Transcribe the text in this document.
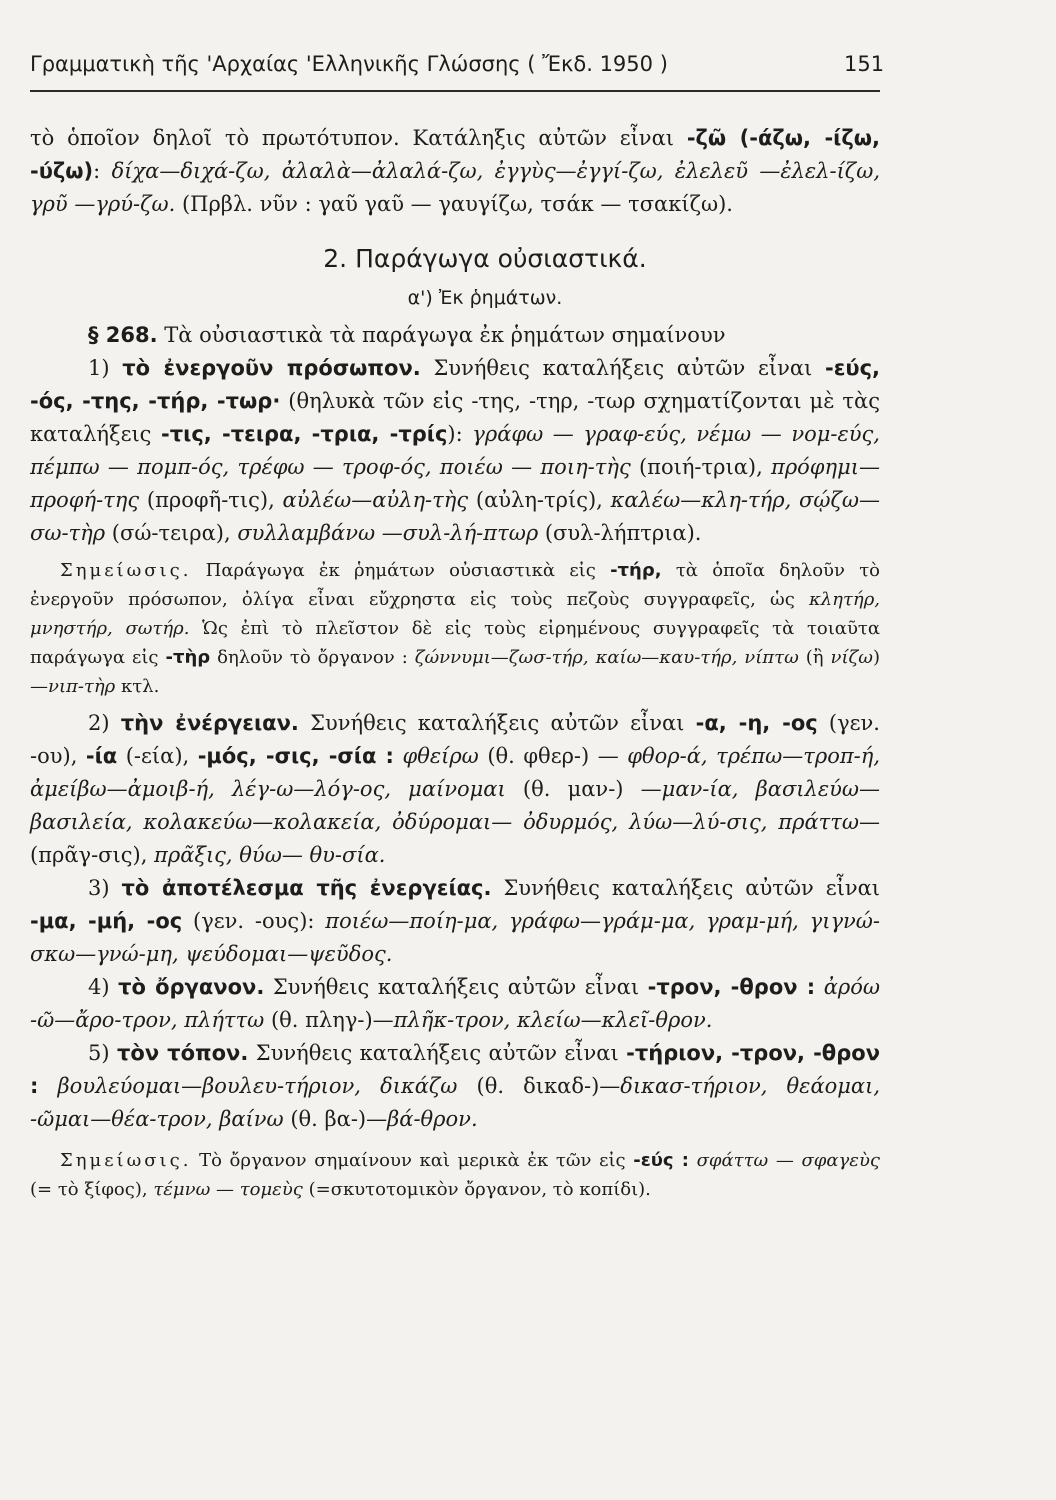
Γραμματικὴ τῆς 'Αρχαίας 'Ελληνικῆς Γλώσσης ( Ἔκδ. 1950 )	151

τὸ ὁποῖον δηλοῖ τὸ πρωτότυπον. Κατάληξις αὐτῶν εἶναι -ζῶ (-άζω, -ίζω, -ύζω): δίχα—διχά-ζω, ἀλαλὰ—ἀλαλά-ζω, ἐγγὺς—ἐγγί-ζω, ἐλελεῦ —ἐλελ-ίζω, γρῦ —γρύ-ζω. (Πρβλ. νῦν : γαῦ γαῦ — γαυγίζω, τσάκ — τσακίζω).

2. Παράγωγα οὐσιαστικά.
α') Ἐκ ῥημάτων.

§ 268. Τὰ οὐσιαστικὰ τὰ παράγωγα ἐκ ῥημάτων σημαίνουν

1) τὸ ἐνεργοῦν πρόσωπον. Συνήθεις καταλήξεις αὐτῶν εἶναι -εύς, -ός, -της, -τήρ, -τωρ· (θηλυκὰ τῶν εἰς -της, -τηρ, -τωρ σχηματίζονται μὲ τὰς καταλήξεις -τις, -τειρα, -τρια, -τρίς): γράφω — γραφ-εύς, νέμω — νομ-εύς, πέμπω — πομπ-ός, τρέφω — τροφ-ός, ποιέω — ποιη-τὴς (ποιή-τρια), πρόφημι—προφή-της (προφῆ-τις), αὐλέω—αὐλη-τὴς (αὐλη-τρίς), καλέω—κλη-τήρ, σῴζω—σω-τὴρ (σώ-τειρα), συλλαμβάνω —συλ-λή-πτωρ (συλ-λήπτρια).

Σημείωσις. Παράγωγα ἐκ ῥημάτων οὐσιαστικὰ εἰς -τήρ, τὰ ὁποῖα δηλοῦν τὸ ἐνεργοῦν πρόσωπον, ὀλίγα εἶναι εὔχρηστα εἰς τοὺς πεζοὺς συγγραφεῖς, ὡς κλητήρ, μνηστήρ, σωτήρ. Ὡς ἐπὶ τὸ πλεῖστον δὲ εἰς τοὺς εἰρημένους συγγραφεῖς τὰ τοιαῦτα παράγωγα εἰς -τὴρ δηλοῦν τὸ ὄργανον : ζώννυμι—ζωσ-τήρ, καίω—καυ-τήρ, νίπτω (ἢ νίζω)—νιπ-τὴρ κτλ.

2) τὴν ἐνέργειαν. Συνήθεις καταλήξεις αὐτῶν εἶναι -α, -η, -ος (γεν. -ου), -ία (-εία), -μός, -σις, -σία : φθείρω (θ. φθερ-) — φθορ-ά, τρέπω—τροπ-ή, ἀμείβω—ἀμοιβ-ή, λέγ-ω—λόγ-ος, μαίνομαι (θ. μαν-) —μαν-ία, βασιλεύω—βασιλεία, κολακεύω—κολακεία, ὀδύρομαι— ὀδυρμός, λύω—λύ-σις, πράττω—(πρᾶγ-σις), πρᾶξις, θύω— θυ-σία.

3) τὸ ἀποτέλεσμα τῆς ἐνεργείας. Συνήθεις καταλήξεις αὐτῶν εἶναι -μα, -μή, -ος (γεν. -ους): ποιέω—ποίη-μα, γράφω—γράμ-μα, γραμ-μή, γιγνώ-σκω—γνώ-μη, ψεύδομαι—ψεῦδος.

4) τὸ ὄργανον. Συνήθεις καταλήξεις αὐτῶν εἶναι -τρον, -θρον : ἀρόω -ῶ—ἄρο-τρον, πλήττω (θ. πληγ-)—πλῆκ-τρον, κλείω—κλεῖ-θρον.

5) τὸν τόπον. Συνήθεις καταλήξεις αὐτῶν εἶναι -τήριον, -τρον, -θρον : βουλεύομαι—βουλευ-τήριον, δικάζω (θ. δικαδ-)—δικασ-τήριον, θεάομαι, -ῶμαι—θέα-τρον, βαίνω (θ. βα-)—βά-θρον.

Σημείωσις. Τὸ ὄργανον σημαίνουν καὶ μερικὰ ἐκ τῶν εἰς -εύς : σφάττω — σφαγεὺς (= τὸ ξίφος), τέμνω — τομεὺς (=σκυτοτομικὸν ὄργανον, τὸ κοπίδι).
